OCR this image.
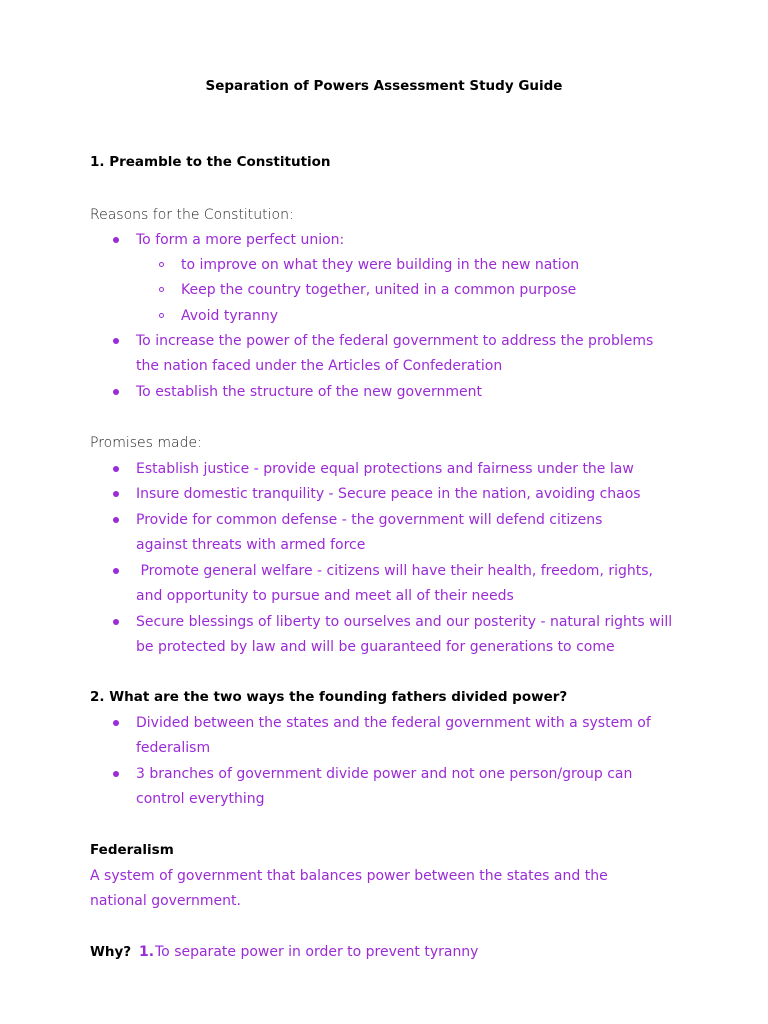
Separation of Powers Assessment Study Guide
1. Preamble to the Constitution
Reasons for the Constitution:
To form a more perfect union:
to improve on what they were building in the new nation
Keep the country together, united in a common purpose
Avoid tyranny
To increase the power of the federal government to address the problems
the nation faced under the Articles of Confederation
To establish the structure of the new government
Promises made:
Establish justice - provide equal protections and fairness under the law
Insure domestic tranquility - Secure peace in the nation, avoiding chaos
Provide for common defense - the government will defend citizens
against threats with armed force
Promote general welfare - citizens will have their health, freedom, rights,
and opportunity to pursue and meet all of their needs
Secure blessings of liberty to ourselves and our posterity - natural rights will
be protected by law and will be guaranteed for generations to come
2. What are the two ways the founding fathers divided power?
Divided between the states and the federal government with a system of
federalism
3 branches of government divide power and not one person/group can
control everything
Federalism
A system of government that balances power between the states and the
national government.
Why? 1. To separate power in order to prevent tyranny
